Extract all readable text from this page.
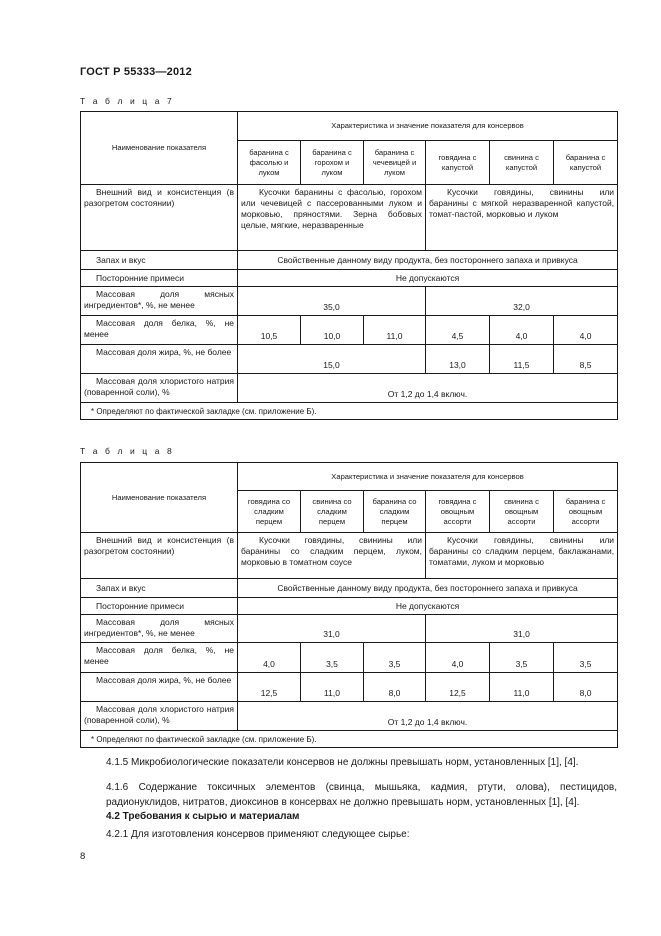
ГОСТ Р 55333—2012
Т а б л и ц а 7
Наименование показателя	Характеристика и значение показателя для консервов					
	баранина с фасолью и луком	баранина с горохом и луком	баранина с чечевицей и луком	говядина с капустой	свинина с капустой	баранина с капустой
Внешний вид и консистенция (в разогретом состоянии)	Кусочки баранины с фасолью, горохом или чечевицей с пассерованными луком и морковью, пряностями. Зерна бобовых целые, мягкие, неразваренные			Кусочки говядины, свинины или баранины с мягкой неразваренной капустой, томат-пастой, морковью и луком		
Запах и вкус	Свойственные данному виду продукта, без постороннего запаха и привкуса					
Посторонние примеси	Не допускаются					
Массовая доля мясных ингредиентов*, %, не менее	35,0			32,0		
Массовая доля белка, %, не менее	10,5	10,0	11,0	4,5	4,0	4,0
Массовая доля жира, %, не более	15,0			13,0	11,5	8,5
Массовая доля хлористого натрия (поваренной соли), %	От 1,2 до 1,4 включ.					
* Определяют по фактической закладке (см. приложение Б).						
Т а б л и ц а 8
Наименование показателя	Характеристика и значение показателя для консервов					
	говядина со сладким перцем	свинина со сладким перцем	баранина со сладким перцем	говядина с овощным ассорти	свинина с овощным ассорти	баранина с овощным ассорти
Внешний вид и консистенция (в разогретом состоянии)	Кусочки говядины, свинины или баранины со сладким перцем, луком, морковью в томатном соусе			Кусочки говядины, свинины или баранины со сладким перцем, баклажанами, томатами, луком и морковью		
Запах и вкус	Свойственные данному виду продукта, без постороннего запаха и привкуса					
Посторонние примеси	Не допускаются					
Массовая доля мясных ингредиентов*, %, не менее	31,0			31,0		
Массовая доля белка, %, не менее	4,0	3,5	3,5	4,0	3,5	3,5
Массовая доля жира, %, не более	12,5	11,0	8,0	12,5	11,0	8,0
Массовая доля хлористого натрия (поваренной соли), %	От 1,2 до 1,4 включ.					
* Определяют по фактической закладке (см. приложение Б).						
4.1.5 Микробиологические показатели консервов не должны превышать норм, установленных [1], [4].
4.1.6 Содержание токсичных элементов (свинца, мышьяка, кадмия, ртути, олова), пестицидов, радионуклидов, нитратов, диоксинов в консервах не должно превышать норм, установленных [1], [4].
4.2 Требования к сырью и материалам
4.2.1 Для изготовления консервов применяют следующее сырье:
8
